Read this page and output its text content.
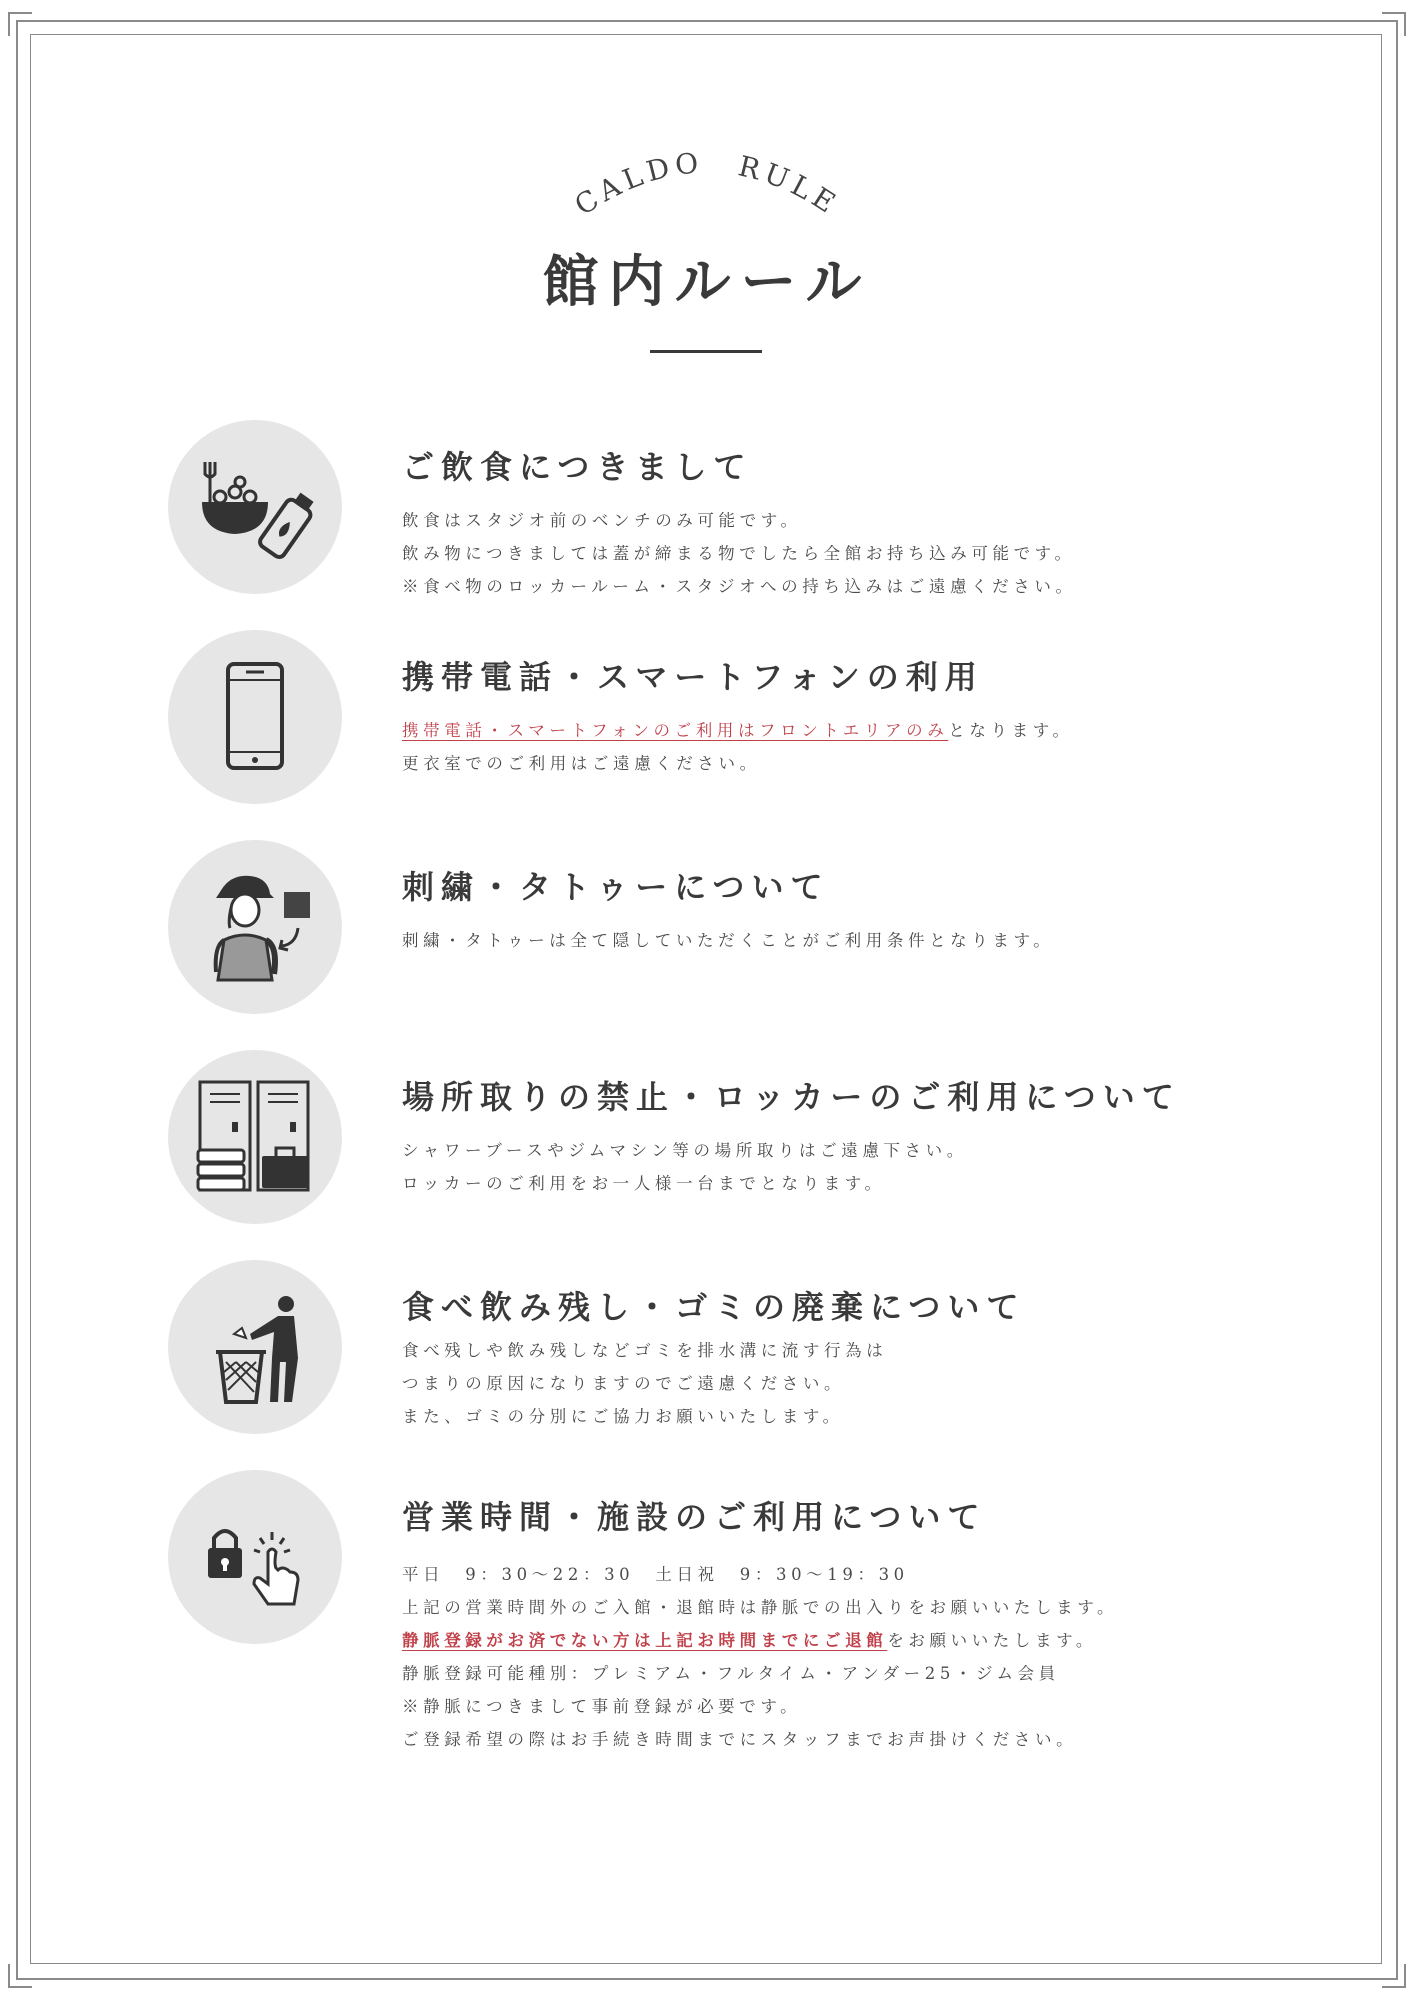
CALDO　RULE
館内ルール
ご飲食につきまして
飲食はスタジオ前のベンチのみ可能です。
飲み物につきましては蓋が締まる物でしたら全館お持ち込み可能です。
※食べ物のロッカールーム・スタジオへの持ち込みはご遠慮ください。
携帯電話・スマートフォンの利用
携帯電話・スマートフォンのご利用はフロントエリアのみとなります。
更衣室でのご利用はご遠慮ください。
刺繍・タトゥーについて
刺繍・タトゥーは全て隠していただくことがご利用条件となります。
場所取りの禁止・ロッカーのご利用について
シャワーブースやジムマシン等の場所取りはご遠慮下さい。
ロッカーのご利用をお一人様一台までとなります。
食べ飲み残し・ゴミの廃棄について
食べ残しや飲み残しなどゴミを排水溝に流す行為は
つまりの原因になりますのでご遠慮ください。
また、ゴミの分別にご協力お願いいたします。
営業時間・施設のご利用について
平日　9：30〜22：30　土日祝　9：30〜19：30
上記の営業時間外のご入館・退館時は静脈での出入りをお願いいたします。
静脈登録がお済でない方は上記お時間までにご退館をお願いいたします。
静脈登録可能種別：プレミアム・フルタイム・アンダー25・ジム会員
※静脈につきまして事前登録が必要です。
ご登録希望の際はお手続き時間までにスタッフまでお声掛けください。
